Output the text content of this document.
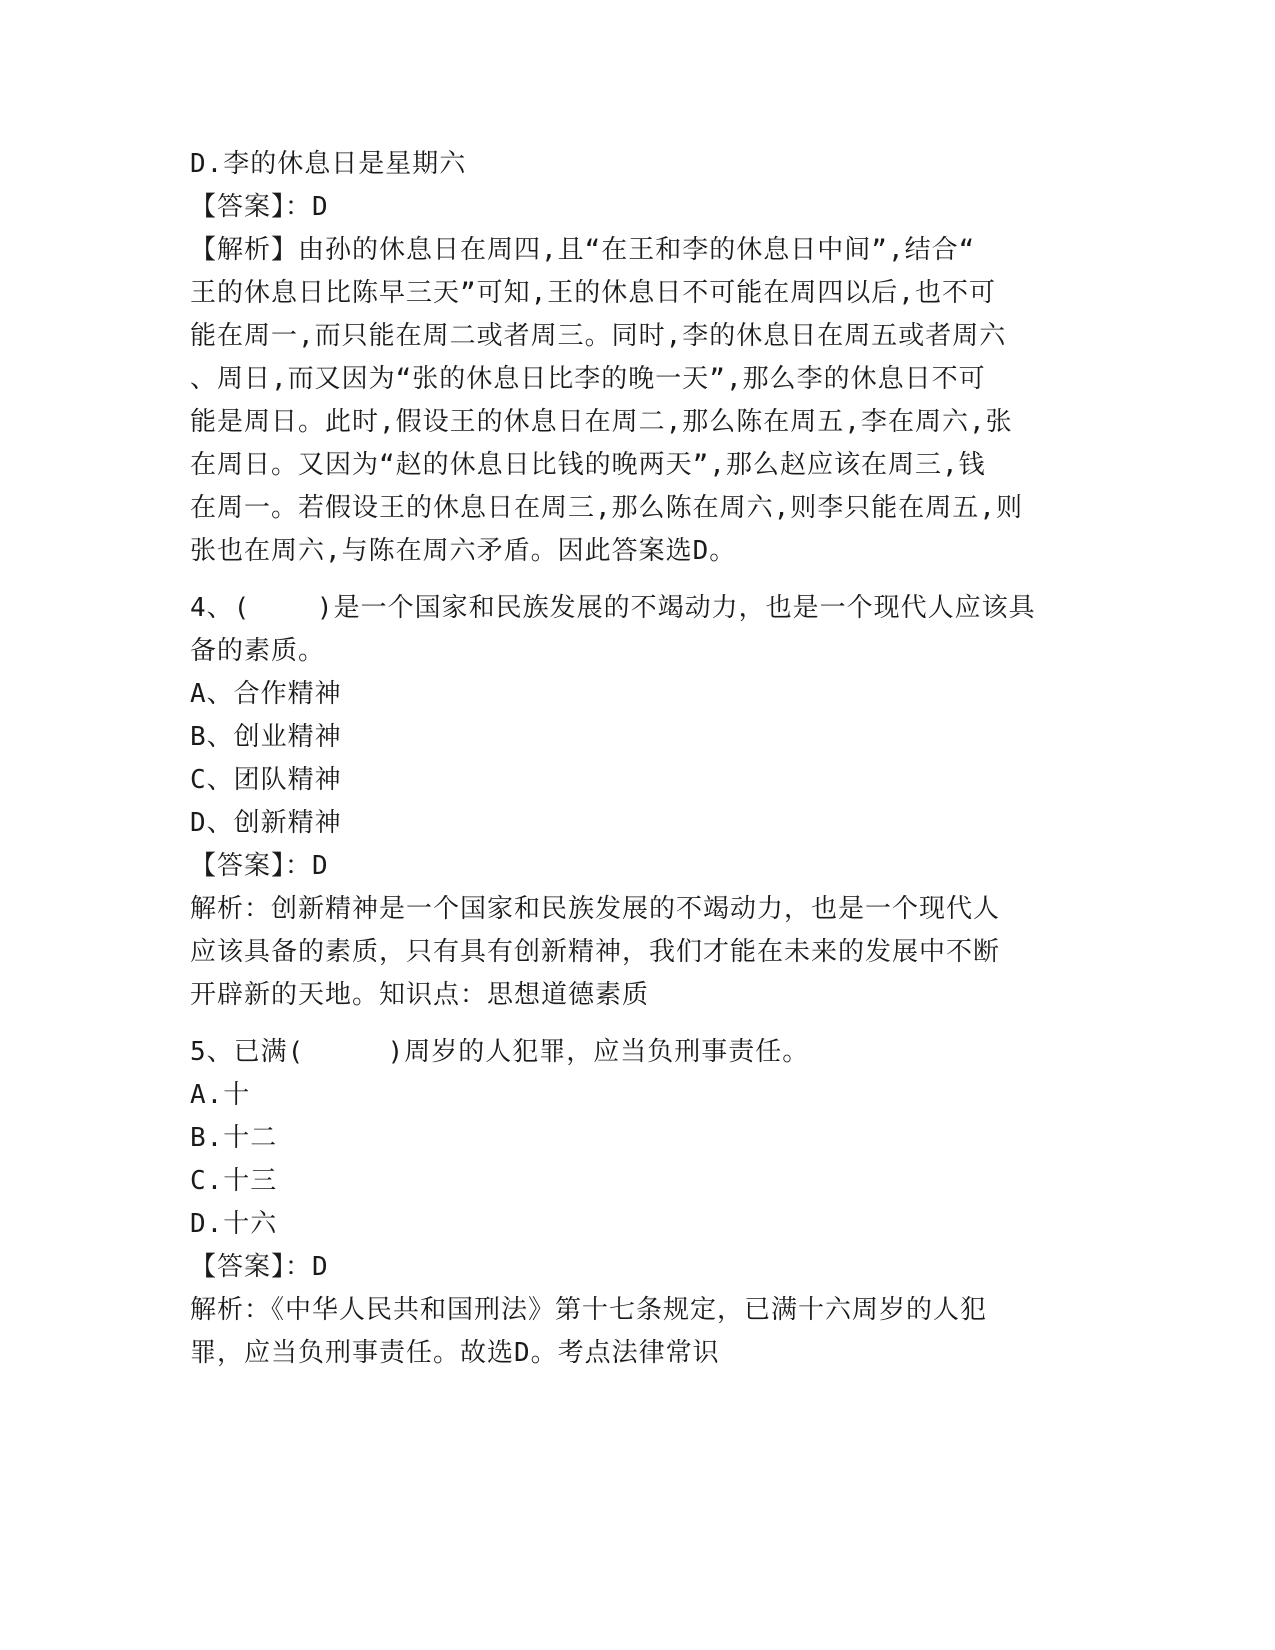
D.李的休息日是星期六
【答案】：D
【解析】由孙的休息日在周四,且“在王和李的休息日中间”,结合“
王的休息日比陈早三天”可知,王的休息日不可能在周四以后,也不可
能在周一,而只能在周二或者周三。同时,李的休息日在周五或者周六
、周日,而又因为“张的休息日比李的晚一天”,那么李的休息日不可
能是周日。此时,假设王的休息日在周二,那么陈在周五,李在周六,张
在周日。又因为“赵的休息日比钱的晚两天”,那么赵应该在周三,钱
在周一。若假设王的休息日在周三,那么陈在周六,则李只能在周五,则
张也在周六,与陈在周六矛盾。因此答案选D。
4、(    )是一个国家和民族发展的不竭动力，也是一个现代人应该具
备的素质。
A、合作精神
B、创业精神
C、团队精神
D、创新精神
【答案】：D
解析：创新精神是一个国家和民族发展的不竭动力，也是一个现代人
应该具备的素质，只有具有创新精神，我们才能在未来的发展中不断
开辟新的天地。知识点：思想道德素质
5、已满(     )周岁的人犯罪，应当负刑事责任。
A.十
B.十二
C.十三
D.十六
【答案】：D
解析：《中华人民共和国刑法》第十七条规定，已满十六周岁的人犯
罪，应当负刑事责任。故选D。考点法律常识
